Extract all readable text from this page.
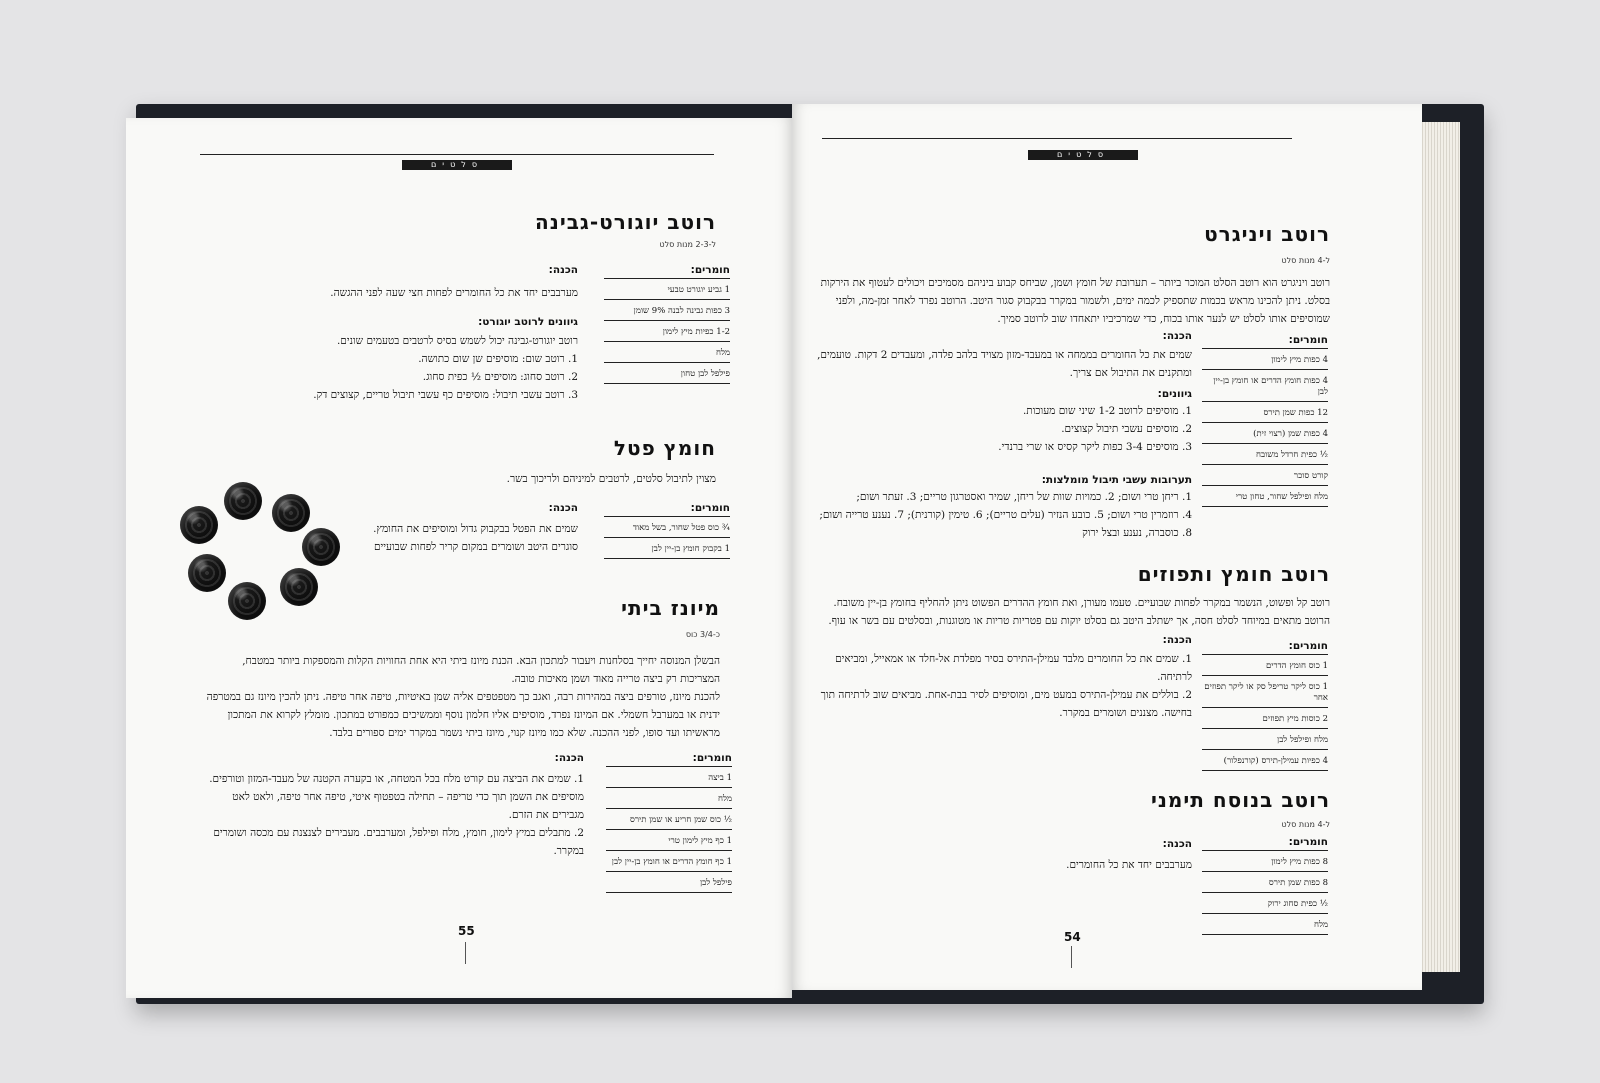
סלטים
רוטב יוגורט-גבינה
ל-2-3 מנות סלט
חומרים:
1 גביע יוגורט טבעי
3 כפות גבינה לבנה 9% שומן
1-2 כפיות מיץ לימון
מלח
פילפל לבן טחון
הכנה:
מערבבים יחד את כל החומרים לפחות חצי שעה לפני ההגשה.
גיוונים לרוטב יוגורט:
רוטב יוגורט-גבינה יכול לשמש בסיס לרטבים בטעמים שונים.
1. רוטב שום: מוסיפים שן שום כתושה.
2. רוטב סחוג: מוסיפים ½ כפית סחוג.
3. רוטב עשבי תיבול: מוסיפים כף עשבי תיבול טריים, קצוצים דק.
חומץ פטל
מצוין לתיבול סלטים, לרטבים למיניהם ולריכוך בשר.
חומרים:
¾ כוס פטל שחור, בשל מאוד
1 בקבוק חומץ בן-יין לבן
הכנה:
שמים את הפטל בבקבוק גדול ומוסיפים את החומץ.
סוגרים היטב ושומרים במקום קריר לפחות שבועיים
מיונז ביתי
כ-3/4 כוס
הבשלן המנוסה יחייך בסלחנות ויעבור למתכון הבא. הכנת מיונז ביתי היא אחת החוויות הקלות והמספקות ביותר במטבח,
המצריכות רק ביצה טרייה מאוד ושמן מאיכות טובה.
להכנת מיונז, טורפים ביצה במהירות רבה, ואגב כך מטפטפים אליה שמן באיטיות, טיפה אחר טיפה. ניתן להכין מיונז גם במטרפה
ידנית או במערבל חשמלי. אם המיונז נפרד, מוסיפים אליו חלמון נוסף וממשיכים כמפורט במתכון. מומלץ לקרוא את המתכון
מראשיתו ועד סופו, לפני ההכנה. שלא כמו מיונז קנוי, מיונז ביתי נשמר במקרר ימים ספורים בלבד.
חומרים:
1 ביצה
מלח
½ כוס שמן חריע או שמן תירס
1 כף מיץ לימון טרי
1 כף חומץ הדרים או חומץ בן-יין לבן
פילפל לבן
הכנה:
1. שמים את הביצה עם קורט מלח בכל המטחה, או בקערה הקטנה של מעבד-המזון וטורפים.
מוסיפים את השמן תוך כדי טריפה – תחילה בטפטוף איטי, טיפה אחר טיפה, ולאט לאט
מגבירים את הזרם.
2. מתבלים במיץ לימון, חומץ, מלח ופילפל, ומערבבים. מעבירים לצנצנת עם מכסה ושומרים
במקרר.
55
סלטים
רוטב ויניגרט
ל-4 מנות סלט
רוטב ויניגרט הוא רוטב הסלט המוכר ביותר – תערובת של חומץ ושמן, שביחס קבוע ביניהם מסמיכים ויכולים לעטוף את הירקות
בסלט. ניתן להכינו מראש בכמות שתספיק לכמה ימים, ולשמור במקרר בבקבוק סגור היטב. הרוטב נפרד לאחר זמן-מה, ולפני
שמוסיפים אותו לסלט יש לנער אותו בכוח, כדי שמרכיביו יתאחדו שוב לרוטב סמיך.
חומרים:
4 כפות מיץ לימון
4 כפות חומץ הדרים או חומץ בן-יין לבן
12 כפות שמן תירס
4 כפות שמן (רצוי זית)
½ כפית חרדל משובח
קורט סוכר
מלח ופילפל שחור, טחון טרי
הכנה:
שמים את כל החומרים בממחה או במעבד-מזון מצויד בלהב פלדה, ומעבדים 2 דקות. טועמים,
ומתקנים את התיבול אם צריך.
גיוונים:
1. מוסיפים לרוטב 1-2 שיני שום מעוכות.
2. מוסיפים עשבי תיבול קצוצים.
3. מוסיפים 3-4 כפות ליקר קסיס או שרי ברנדי.
תערובות עשבי תיבול מומלצות:
1. ריחן טרי ושום; 2. כמויות שוות של ריחן, שמיר ואסטרגון טריים; 3. זעתר ושום;
4. רוזמרין טרי ושום; 5. כובע הנזיר (עלים טריים); 6. טימין (קורנית); 7. נענע טרייה ושום;
8. כוסברה, נענע ובצל ירוק
רוטב חומץ ותפוזים
רוטב קל ופשוט, הנשמר במקרר לפחות שבועיים. טעמו מעורן, ואת חומץ ההדרים הפשוט ניתן להחליף בחומץ בן-יין משובח.
הרוטב מתאים במיוחד לסלט חסה, אך ישתלב היטב גם בסלט יוקות עם פטריות טריות או מטוגנות, ובסלטים עם בשר או עוף.
חומרים:
1 כוס חומץ הדרים
1 כוס ליקר טריפל סק או ליקר תפוזים אחר
2 כוסות מיץ תפוזים
מלח ופילפל לבן
4 כפיות עמילן-תירס (קורנפלור)
הכנה:
1. שמים את כל החומרים מלבד עמילן-התירס בסיר מפלדת אל-חלד או אמאייל, ומביאים
לרתיחה.
2. בוללים את עמילן-התירס במעט מים, ומוסיפים לסיר בבת-אחת. מביאים שוב לרתיחה תוך
בחישה. מצננים ושומרים במקרר.
רוטב בנוסח תימני
ל-4 מנות סלט
חומרים:
8 כפות מיץ לימון
8 כפות שמן תירס
½ כפית סחוג ירוק
מלח
הכנה:
מערבבים יחד את כל החומרים.
54
